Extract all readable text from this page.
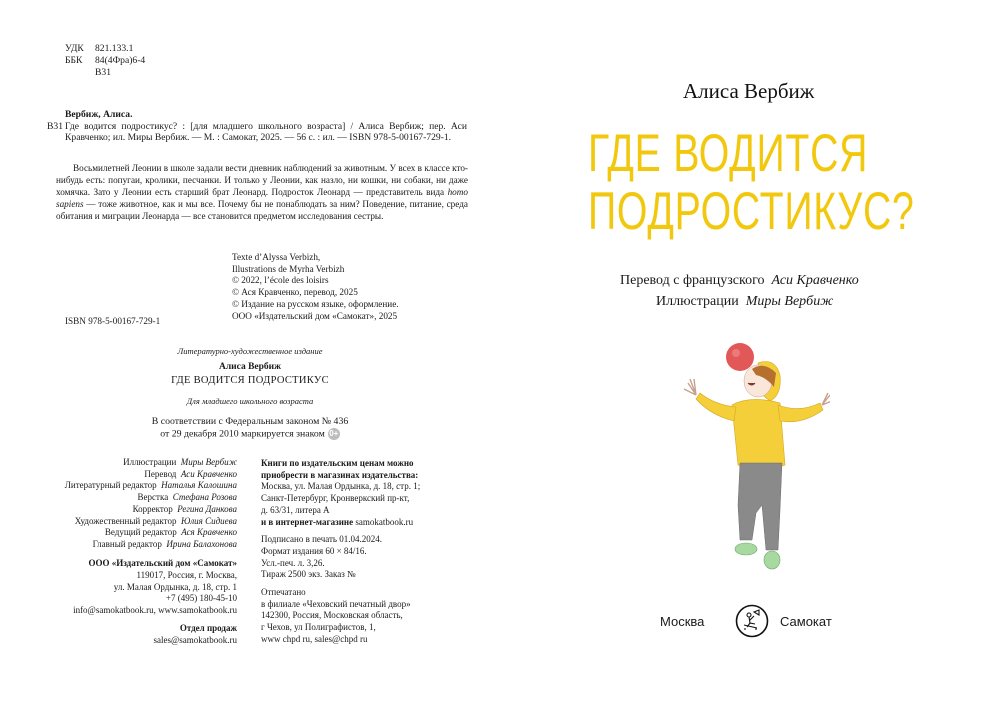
УДК	821.133.1
ББК	84(4Фра)6-4
В31
Вербиж, Алиса.
В31 Где водится подростикус? : [для младшего школьного возраста] / Алиса Вербиж; пер. Аси Кравченко; ил. Миры Вербиж. — М. : Самокат, 2025. — 56 с. : ил. — ISBN 978-5-00167-729-1.
Восьмилетней Леонии в школе задали вести дневник наблюдений за животным. У всех в классе кто-нибудь есть: попугаи, кролики, песчанки. И только у Леонии, как назло, ни кошки, ни собаки, ни даже хомячка. Зато у Леонии есть старший брат Леонард. Подросток Леонард — представитель вида homo sapiens — тоже животное, как и мы все. Почему бы не понаблюдать за ним? Поведение, питание, среда обитания и миграции Леонарда — все становится предметом исследования сестры.
Texte d’Alyssa Verbizh,
Illustrations de Myrha Verbizh
© 2022, l’école des loisirs
© Ася Кравченко, перевод, 2025
© Издание на русском языке, оформление.
ООО «Издательский дом «Самокат», 2025
ISBN 978-5-00167-729-1
Литературно-художественное издание
Алиса Вербиж
ГДЕ ВОДИТСЯ ПОДРОСТИКУС
Для младшего школьного возраста
В соответствии с Федеральным законом № 436
от 29 декабря 2010 маркируется знаком 0+
Иллюстрации Миры Вербиж
Перевод Аси Кравченко
Литературный редактор Наталья Калошина
Верстка Стефана Розова
Корректор Регина Данкова
Художественный редактор Юлия Сидиева
Ведущий редактор Ася Кравченко
Главный редактор Ирина Балахонова
ООО «Издательский дом «Самокат»
119017, Россия, г. Москва,
ул. Малая Ордынка, д. 18, стр. 1
+7 (495) 180-45-10
info@samokatbook.ru, www.samokatbook.ru
Отдел продаж
sales@samokatbook.ru
Книги по издательским ценам можно
приобрести в магазинах издательства:
Москва, ул. Малая Ордынка, д. 18, стр. 1;
Санкт-Петербург, Кронверкский пр-кт,
д. 63/31, литера А
и в интернет-магазине samokatbook.ru
Подписано в печать 01.04.2024.
Формат издания 60 × 84/16.
Усл.-печ. л. 3,26.
Тираж 2500 экз. Заказ №
Отпечатано
в филиале «Чеховский печатный двор»
142300, Россия, Московская область,
г Чехов, ул Полиграфистов, 1,
www chpd ru, sales@chpd ru
Алиса Вербиж
ГДЕ ВОДИТСЯ
ПОДРОСТИКУС?
Перевод с французского Аси Кравченко
Иллюстрации Миры Вербиж
Москва	Самокат
